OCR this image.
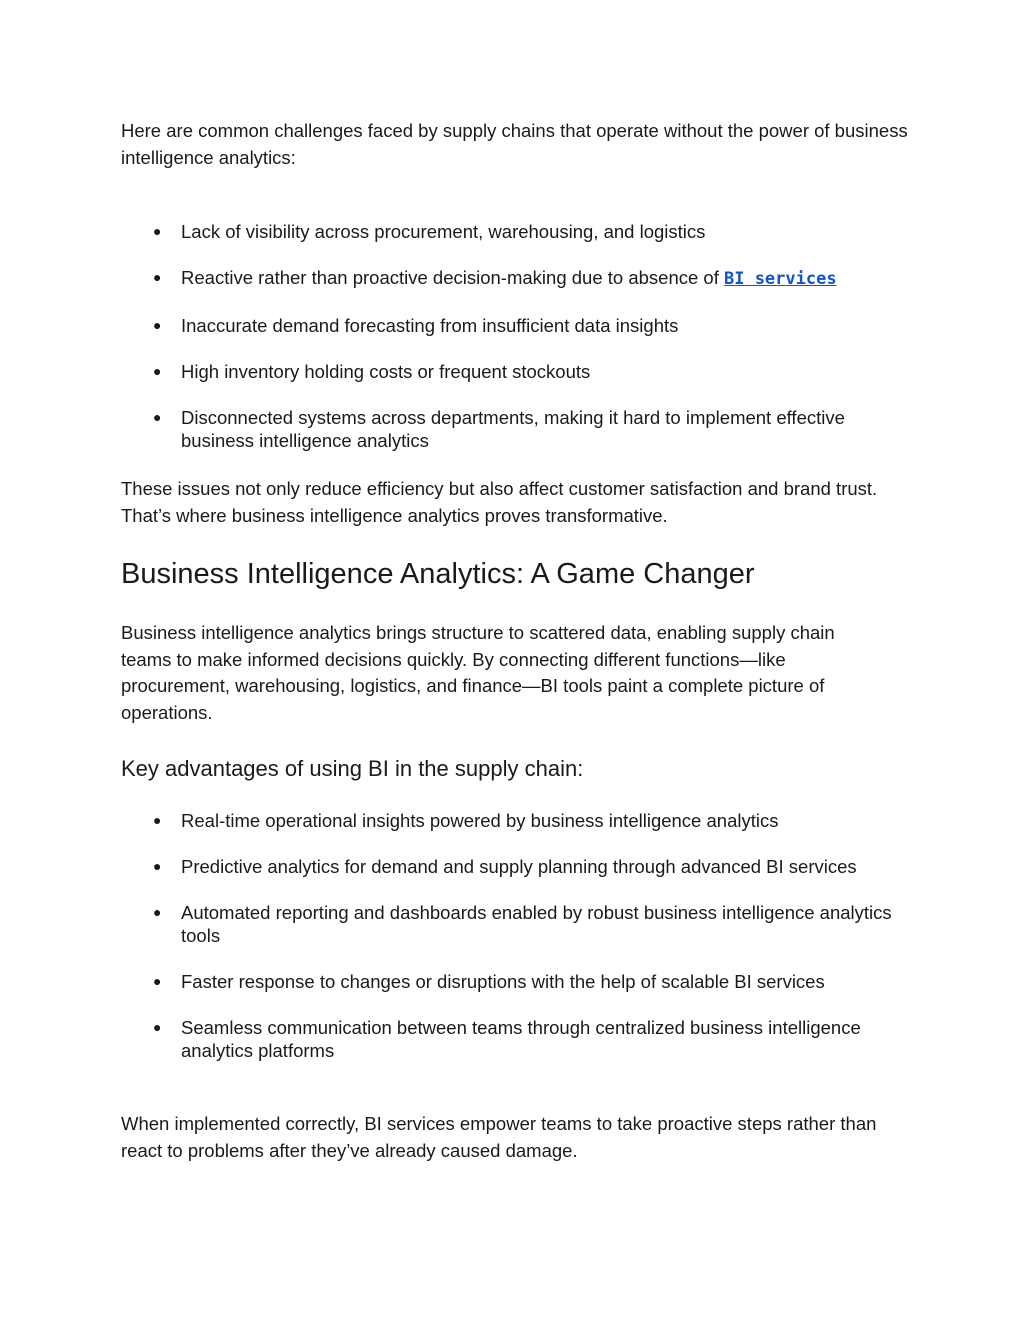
Here are common challenges faced by supply chains that operate without the power of business intelligence analytics:

● Lack of visibility across procurement, warehousing, and logistics
● Reactive rather than proactive decision-making due to absence of BI services
● Inaccurate demand forecasting from insufficient data insights
● High inventory holding costs or frequent stockouts
● Disconnected systems across departments, making it hard to implement effective business intelligence analytics

These issues not only reduce efficiency but also affect customer satisfaction and brand trust. That’s where business intelligence analytics proves transformative.

Business Intelligence Analytics: A Game Changer

Business intelligence analytics brings structure to scattered data, enabling supply chain teams to make informed decisions quickly. By connecting different functions—like procurement, warehousing, logistics, and finance—BI tools paint a complete picture of operations.

Key advantages of using BI in the supply chain:
● Real-time operational insights powered by business intelligence analytics
● Predictive analytics for demand and supply planning through advanced BI services
● Automated reporting and dashboards enabled by robust business intelligence analytics tools
● Faster response to changes or disruptions with the help of scalable BI services
● Seamless communication between teams through centralized business intelligence analytics platforms

When implemented correctly, BI services empower teams to take proactive steps rather than react to problems after they’ve already caused damage.
